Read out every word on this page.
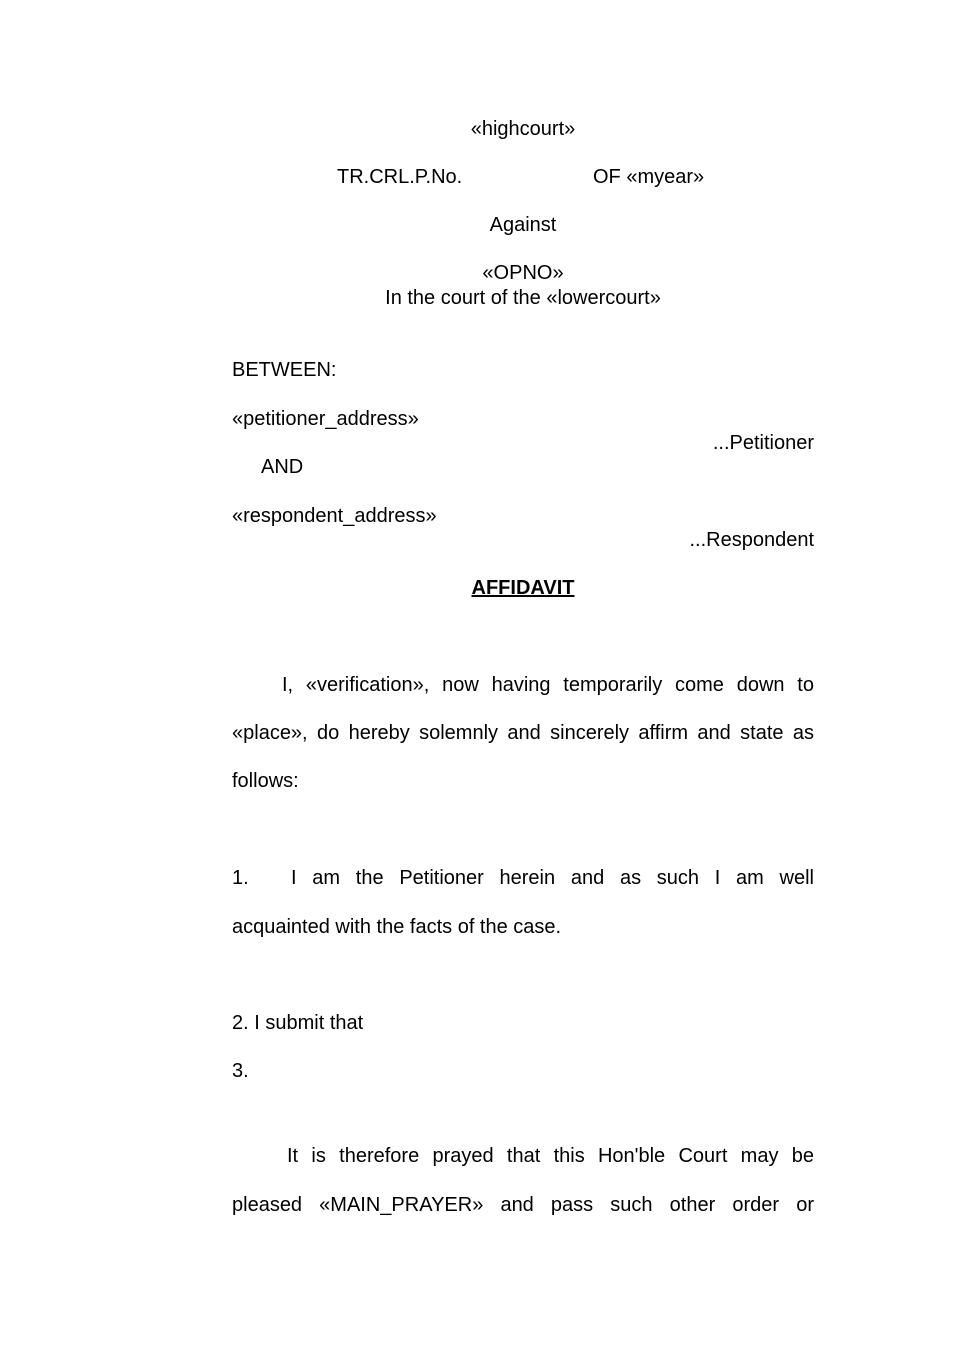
«highcourt»
TR.CRL.P.No.	OF «myear»
Against
«OPNO»
In the court of the «lowercourt»
BETWEEN:
«petitioner_address»
...Petitioner
AND
«respondent_address»
...Respondent
AFFIDAVIT
I, «verification», now having temporarily come down to
«place», do hereby solemnly and sincerely affirm and state as
follows:
1. I am the Petitioner herein and as such I am well
acquainted with the facts of the case.
2. I submit that
3.
It is therefore prayed that this Hon'ble Court may be
pleased «MAIN_PRAYER» and pass such other order or
